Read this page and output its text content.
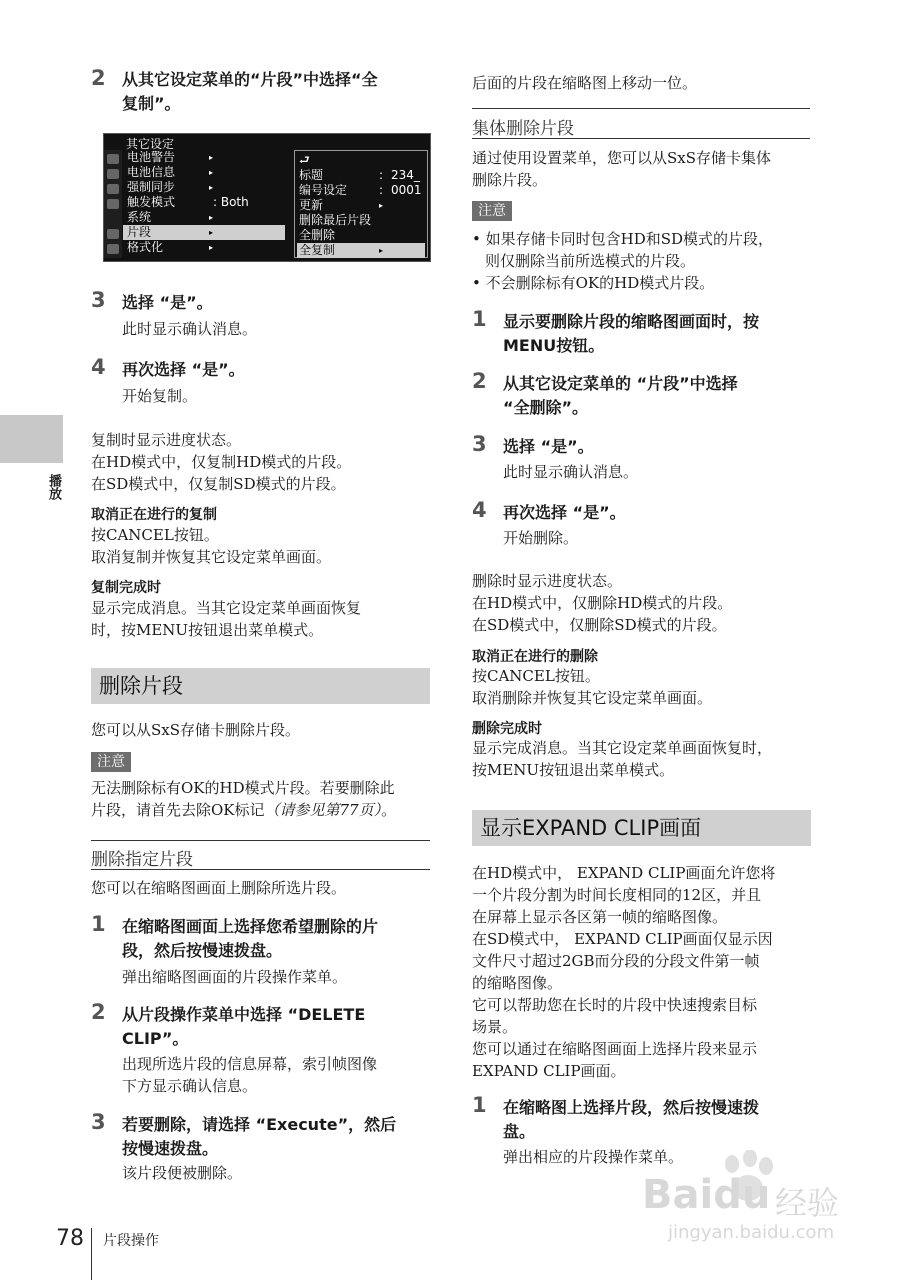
2 从其它设定菜单的“片段”中选择“全
复制”。
其它设定
电池警告	▸
电池信息	▸
强制同步	▸
触发模式	: Both
系统	▸
片段	▸
格式化	▸
⮐
标题	: 234_
编号设定	: 0001
更新	▸
删除最后片段
全删除
全复制	▸
3 选择 “是”。
此时显示确认消息。
4 再次选择 “是”。
开始复制。
复制时显示进度状态。
在HD模式中，仅复制HD模式的片段。
在SD模式中，仅复制SD模式的片段。
取消正在进行的复制
按CANCEL按钮。
取消复制并恢复其它设定菜单画面。
复制完成时
显示完成消息。当其它设定菜单画面恢复
时，按MENU按钮退出菜单模式。
删除片段
您可以从SxS存储卡删除片段。
注意
无法删除标有OK的HD模式片段。若要删除此
片段，请首先去除OK标记（请参见第77页）。
删除指定片段
您可以在缩略图画面上删除所选片段。
1 在缩略图画面上选择您希望删除的片
段，然后按慢速拨盘。
弹出缩略图画面的片段操作菜单。
2 从片段操作菜单中选择 “DELETE
CLIP”。
出现所选片段的信息屏幕，索引帧图像
下方显示确认信息。
3 若要删除，请选择 “Execute”，然后
按慢速拨盘。
该片段便被删除。
播放
78 片段操作
后面的片段在缩略图上移动一位。
集体删除片段
通过使用设置菜单，您可以从SxS存储卡集体
删除片段。
注意
• 如果存储卡同时包含HD和SD模式的片段，
则仅删除当前所选模式的片段。
• 不会删除标有OK的HD模式片段。
1 显示要删除片段的缩略图画面时，按
MENU按钮。
2 从其它设定菜单的 “片段”中选择
“全删除”。
3 选择 “是”。
此时显示确认消息。
4 再次选择 “是”。
开始删除。
删除时显示进度状态。
在HD模式中，仅删除HD模式的片段。
在SD模式中，仅删除SD模式的片段。
取消正在进行的删除
按CANCEL按钮。
取消删除并恢复其它设定菜单画面。
删除完成时
显示完成消息。当其它设定菜单画面恢复时，
按MENU按钮退出菜单模式。
显示EXPAND CLIP画面
在HD模式中， EXPAND CLIP画面允许您将
一个片段分割为时间长度相同的12区，并且
在屏幕上显示各区第一帧的缩略图像。
在SD模式中， EXPAND CLIP画面仅显示因
文件尺寸超过2GB而分段的分段文件第一帧
的缩略图像。
它可以帮助您在长时的片段中快速搜索目标
场景。
您可以通过在缩略图画面上选择片段来显示
EXPAND CLIP画面。
1 在缩略图上选择片段，然后按慢速拨
盘。
弹出相应的片段操作菜单。
Baidu 经验
jingyan.baidu.com
